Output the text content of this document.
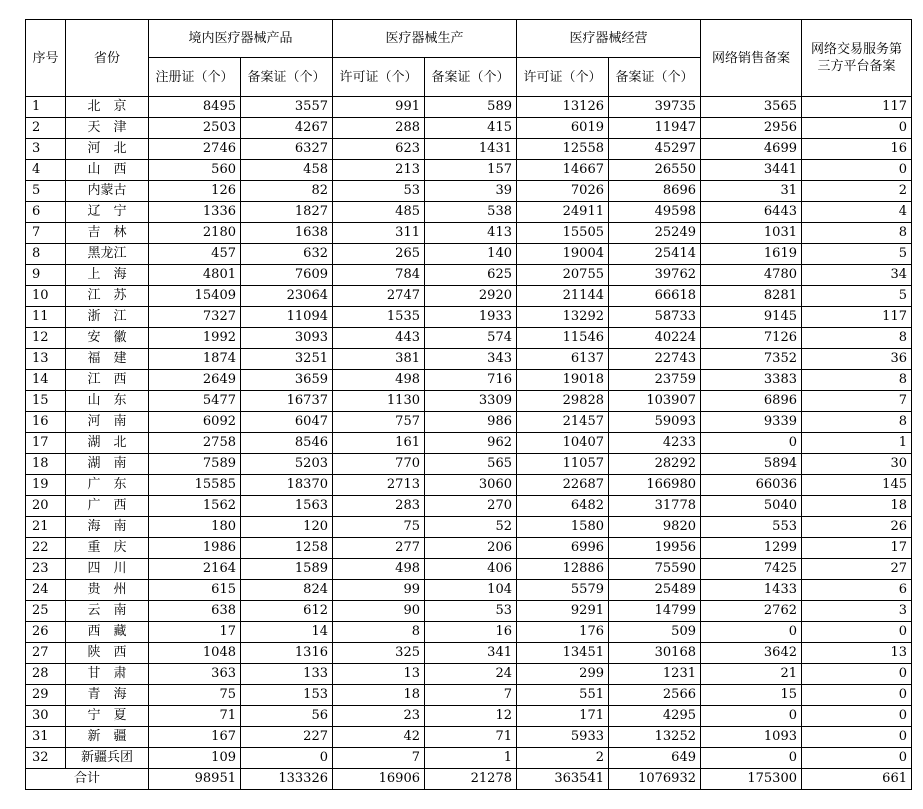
序号	省份	境内医疗器械产品		医疗器械生产		医疗器械经营		网络销售备案	网络交易服务第三方平台备案
		注册证（个）	备案证（个）	许可证（个）	备案证（个）	许可证（个）	备案证（个）		
1	北　京	8495	3557	991	589	13126	39735	3565	117
2	天　津	2503	4267	288	415	6019	11947	2956	0
3	河　北	2746	6327	623	1431	12558	45297	4699	16
4	山　西	560	458	213	157	14667	26550	3441	0
5	内蒙古	126	82	53	39	7026	8696	31	2
6	辽　宁	1336	1827	485	538	24911	49598	6443	4
7	吉　林	2180	1638	311	413	15505	25249	1031	8
8	黑龙江	457	632	265	140	19004	25414	1619	5
9	上　海	4801	7609	784	625	20755	39762	4780	34
10	江　苏	15409	23064	2747	2920	21144	66618	8281	5
11	浙　江	7327	11094	1535	1933	13292	58733	9145	117
12	安　徽	1992	3093	443	574	11546	40224	7126	8
13	福　建	1874	3251	381	343	6137	22743	7352	36
14	江　西	2649	3659	498	716	19018	23759	3383	8
15	山　东	5477	16737	1130	3309	29828	103907	6896	7
16	河　南	6092	6047	757	986	21457	59093	9339	8
17	湖　北	2758	8546	161	962	10407	4233	0	1
18	湖　南	7589	5203	770	565	11057	28292	5894	30
19	广　东	15585	18370	2713	3060	22687	166980	66036	145
20	广　西	1562	1563	283	270	6482	31778	5040	18
21	海　南	180	120	75	52	1580	9820	553	26
22	重　庆	1986	1258	277	206	6996	19956	1299	17
23	四　川	2164	1589	498	406	12886	75590	7425	27
24	贵　州	615	824	99	104	5579	25489	1433	6
25	云　南	638	612	90	53	9291	14799	2762	3
26	西　藏	17	14	8	16	176	509	0	0
27	陕　西	1048	1316	325	341	13451	30168	3642	13
28	甘　肃	363	133	13	24	299	1231	21	0
29	青　海	75	153	18	7	551	2566	15	0
30	宁　夏	71	56	23	12	171	4295	0	0
31	新　疆	167	227	42	71	5933	13252	1093	0
32	新疆兵团	109	0	7	1	2	649	0	0
合计		98951	133326	16906	21278	363541	1076932	175300	661
